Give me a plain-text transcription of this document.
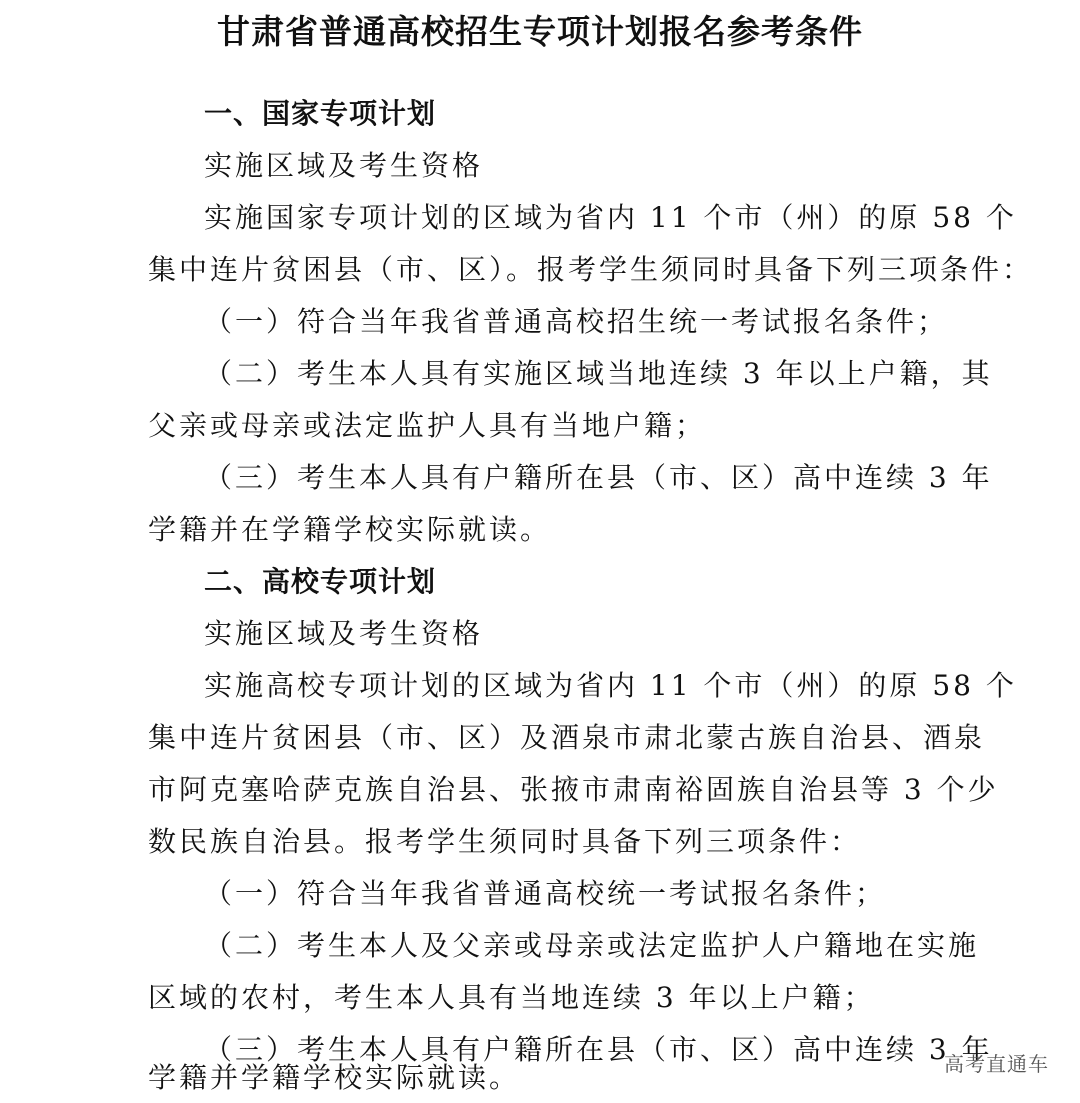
甘肃省普通高校招生专项计划报名参考条件
一、国家专项计划
实施区域及考生资格
实施国家专项计划的区域为省内 11 个市（州）的原 58 个
集中连片贫困县（市、区）。报考学生须同时具备下列三项条件：
（一）符合当年我省普通高校招生统一考试报名条件；
（二）考生本人具有实施区域当地连续 3 年以上户籍，其
父亲或母亲或法定监护人具有当地户籍；
（三）考生本人具有户籍所在县（市、区）高中连续 3 年
学籍并在学籍学校实际就读。
二、高校专项计划
实施区域及考生资格
实施高校专项计划的区域为省内 11 个市（州）的原 58 个
集中连片贫困县（市、区）及酒泉市肃北蒙古族自治县、酒泉
市阿克塞哈萨克族自治县、张掖市肃南裕固族自治县等 3 个少
数民族自治县。报考学生须同时具备下列三项条件：
（一）符合当年我省普通高校统一考试报名条件；
（二）考生本人及父亲或母亲或法定监护人户籍地在实施
区域的农村，考生本人具有当地连续 3 年以上户籍；
（三）考生本人具有户籍所在县（市、区）高中连续 3 年
学籍并学籍学校实际就读。	高考直通车
